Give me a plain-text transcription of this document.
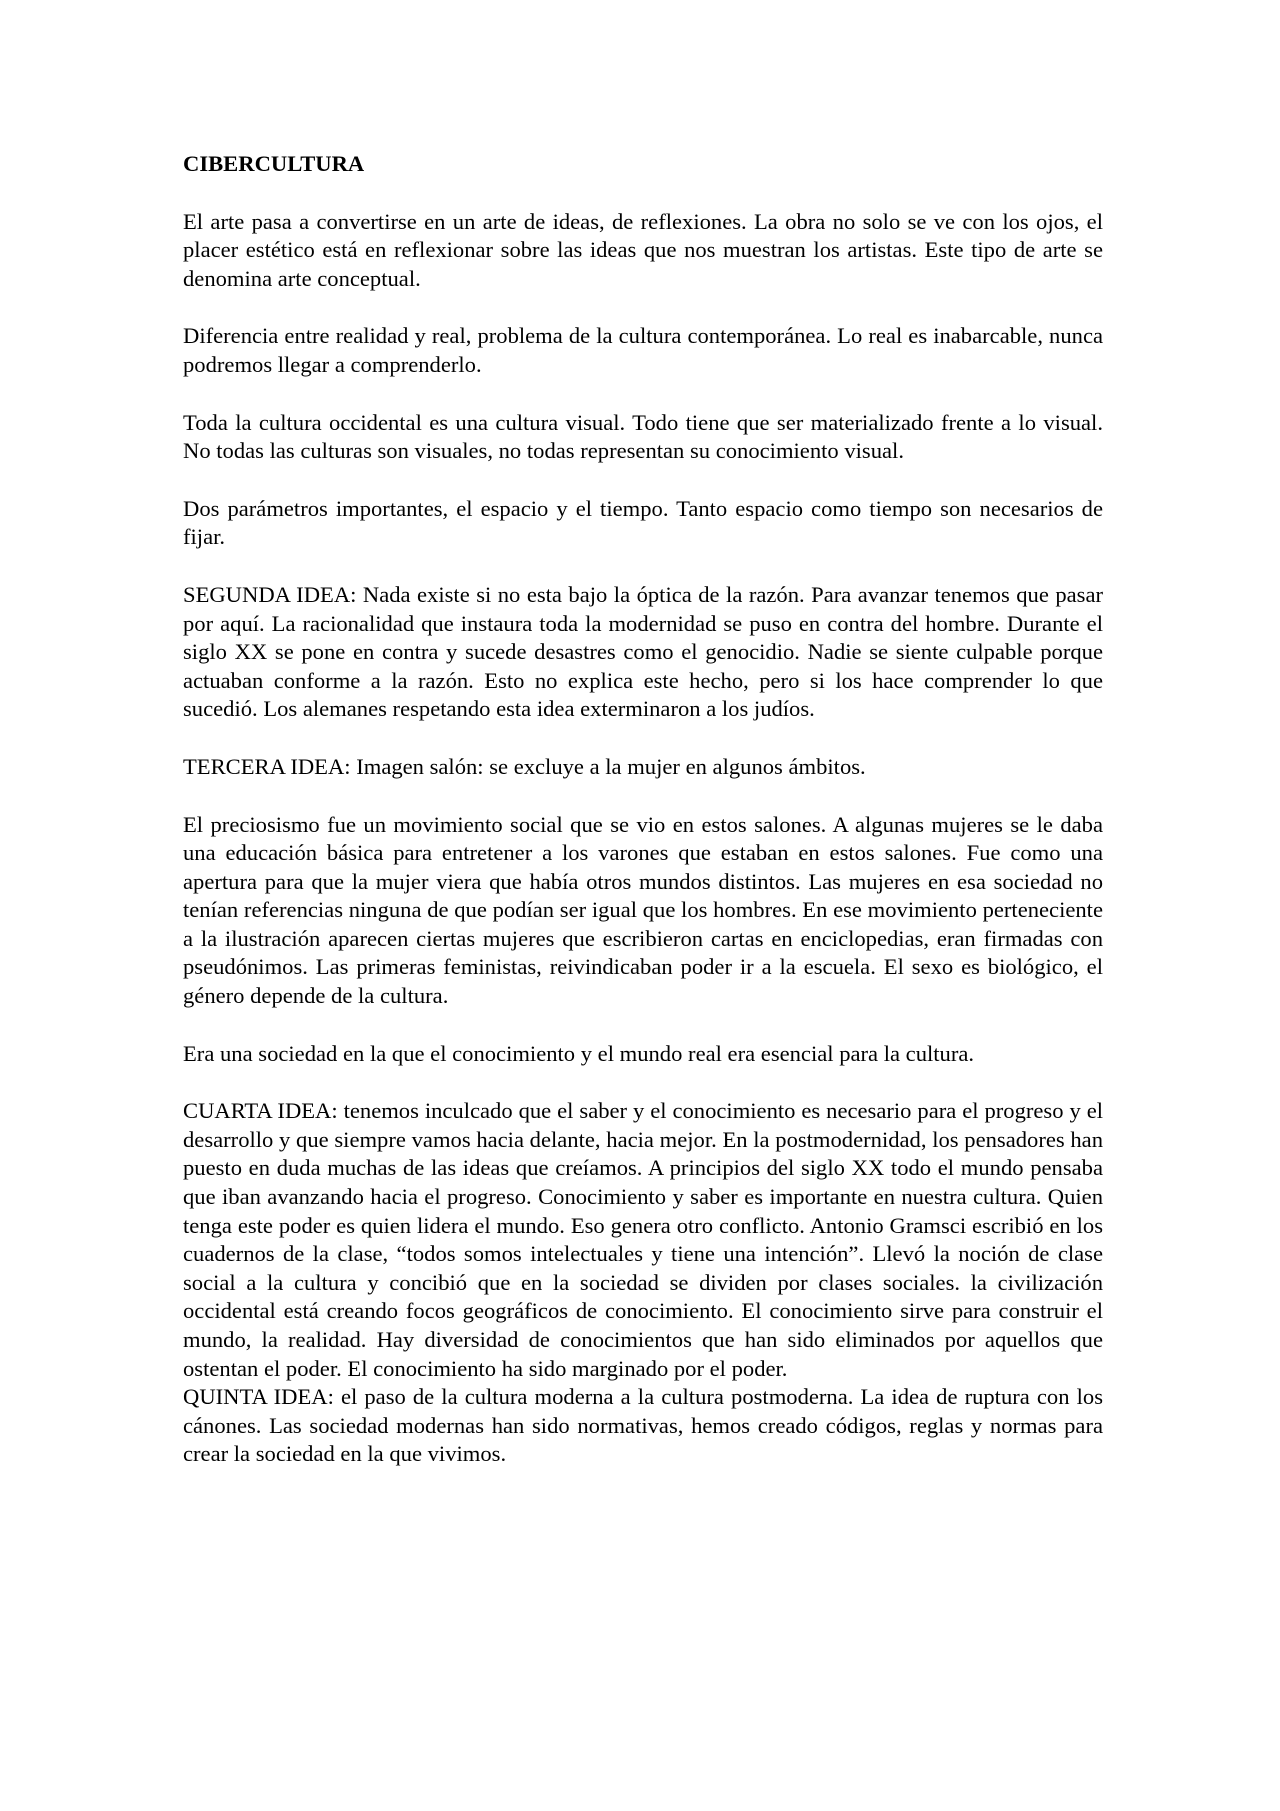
CIBERCULTURA

El arte pasa a convertirse en un arte de ideas, de reflexiones. La obra no solo se ve con los ojos, el placer estético está en reflexionar sobre las ideas que nos muestran los artistas. Este tipo de arte se denomina arte conceptual.

Diferencia entre realidad y real, problema de la cultura contemporánea. Lo real es inabarcable, nunca podremos llegar a comprenderlo.

Toda la cultura occidental es una cultura visual. Todo tiene que ser materializado frente a lo visual. No todas las culturas son visuales, no todas representan su conocimiento visual.

Dos parámetros importantes, el espacio y el tiempo. Tanto espacio como tiempo son necesarios de fijar.

SEGUNDA IDEA: Nada existe si no esta bajo la óptica de la razón. Para avanzar tenemos que pasar por aquí. La racionalidad que instaura toda la modernidad se puso en contra del hombre. Durante el siglo XX se pone en contra y sucede desastres como el genocidio. Nadie se siente culpable porque actuaban conforme a la razón. Esto no explica este hecho, pero si los hace comprender lo que sucedió. Los alemanes respetando esta idea exterminaron a los judíos.

TERCERA IDEA: Imagen salón: se excluye a la mujer en algunos ámbitos.

El preciosismo fue un movimiento social que se vio en estos salones. A algunas mujeres se le daba una educación básica para entretener a los varones que estaban en estos salones. Fue como una apertura para que la mujer viera que había otros mundos distintos. Las mujeres en esa sociedad no tenían referencias ninguna de que podían ser igual que los hombres. En ese movimiento perteneciente a la ilustración aparecen ciertas mujeres que escribieron cartas en enciclopedias, eran firmadas con pseudónimos. Las primeras feministas, reivindicaban poder ir a la escuela. El sexo es biológico, el género depende de la cultura.

Era una sociedad en la que el conocimiento y el mundo real era esencial para la cultura.

CUARTA IDEA: tenemos inculcado que el saber y el conocimiento es necesario para el progreso y el desarrollo y que siempre vamos hacia delante, hacia mejor. En la postmodernidad, los pensadores han puesto en duda muchas de las ideas que creíamos. A principios del siglo XX todo el mundo pensaba que iban avanzando hacia el progreso. Conocimiento y saber es importante en nuestra cultura. Quien tenga este poder es quien lidera el mundo. Eso genera otro conflicto. Antonio Gramsci escribió en los cuadernos de la clase, “todos somos intelectuales y tiene una intención”. Llevó la noción de clase social a la cultura y concibió que en la sociedad se dividen por clases sociales. la civilización occidental está creando focos geográficos de conocimiento. El conocimiento sirve para construir el mundo, la realidad. Hay diversidad de conocimientos que han sido eliminados por aquellos que ostentan el poder. El conocimiento ha sido marginado por el poder.

QUINTA IDEA: el paso de la cultura moderna a la cultura postmoderna. La idea de ruptura con los cánones. Las sociedad modernas han sido normativas, hemos creado códigos, reglas y normas para crear la sociedad en la que vivimos.
